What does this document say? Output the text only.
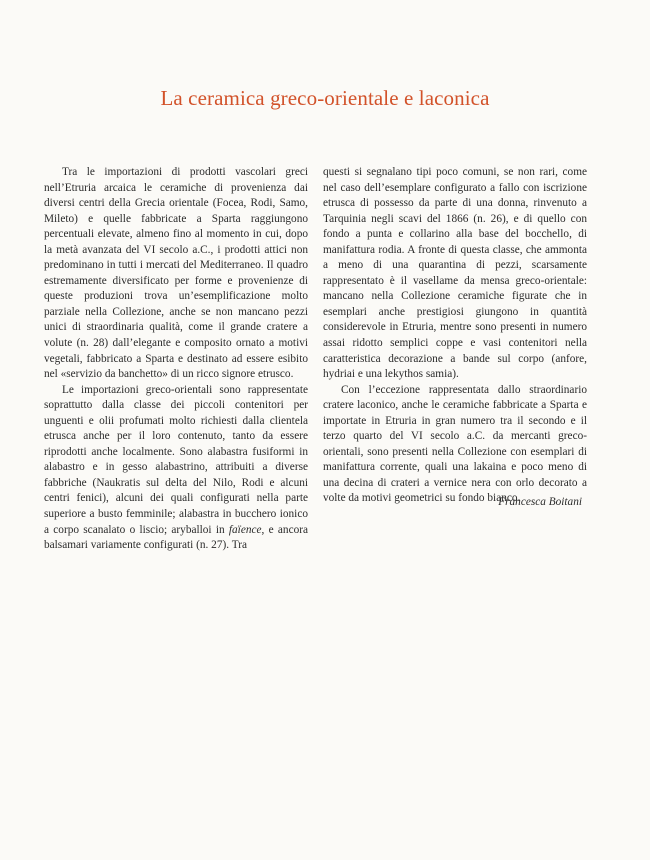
La ceramica greco-orientale e laconica

Tra le importazioni di prodotti vascolari greci nell’Etruria arcaica le ceramiche di provenienza dai diversi centri della Grecia orientale (Focea, Rodi, Samo, Mileto) e quelle fabbricate a Sparta raggiungono percentuali elevate, almeno fino al momento in cui, dopo la metà avanzata del VI secolo a.C., i prodotti attici non predominano in tutti i mercati del Mediterraneo. Il quadro estremamente diversificato per forme e provenienze di queste produzioni trova un’esemplificazione molto parziale nella Collezione, anche se non mancano pezzi unici di straordinaria qualità, come il grande cratere a volute (n. 28) dall’elegante e composito ornato a motivi vegetali, fabbricato a Sparta e destinato ad essere esibito nel «servizio da banchetto» di un ricco signore etrusco.

Le importazioni greco-orientali sono rappresentate soprattutto dalla classe dei piccoli contenitori per unguenti e olii profumati molto richiesti dalla clientela etrusca anche per il loro contenuto, tanto da essere riprodotti anche localmente. Sono alabastra fusiformi in alabastro e in gesso alabastrino, attribuiti a diverse fabbriche (Naukratis sul delta del Nilo, Rodi e alcuni centri fenici), alcuni dei quali configurati nella parte superiore a busto femminile; alabastra in bucchero ionico a corpo scanalato o liscio; aryballoi in faïence, e ancora balsamari variamente configurati (n. 27). Tra

questi si segnalano tipi poco comuni, se non rari, come nel caso dell’esemplare configurato a fallo con iscrizione etrusca di possesso da parte di una donna, rinvenuto a Tarquinia negli scavi del 1866 (n. 26), e di quello con fondo a punta e collarino alla base del bocchello, di manifattura rodia. A fronte di questa classe, che ammonta a meno di una quarantina di pezzi, scarsamente rappresentato è il vasellame da mensa greco-orientale: mancano nella Collezione ceramiche figurate che in esemplari anche prestigiosi giungono in quantità considerevole in Etruria, mentre sono presenti in numero assai ridotto semplici coppe e vasi contenitori nella caratteristica decorazione a bande sul corpo (anfore, hydriai e una lekythos samia).

Con l’eccezione rappresentata dallo straordinario cratere laconico, anche le ceramiche fabbricate a Sparta e importate in Etruria in gran numero tra il secondo e il terzo quarto del VI secolo a.C. da mercanti greco-orientali, sono presenti nella Collezione con esemplari di manifattura corrente, quali una lakaina e poco meno di una decina di crateri a vernice nera con orlo decorato a volte da motivi geometrici su fondo bianco.

Francesca Boitani
